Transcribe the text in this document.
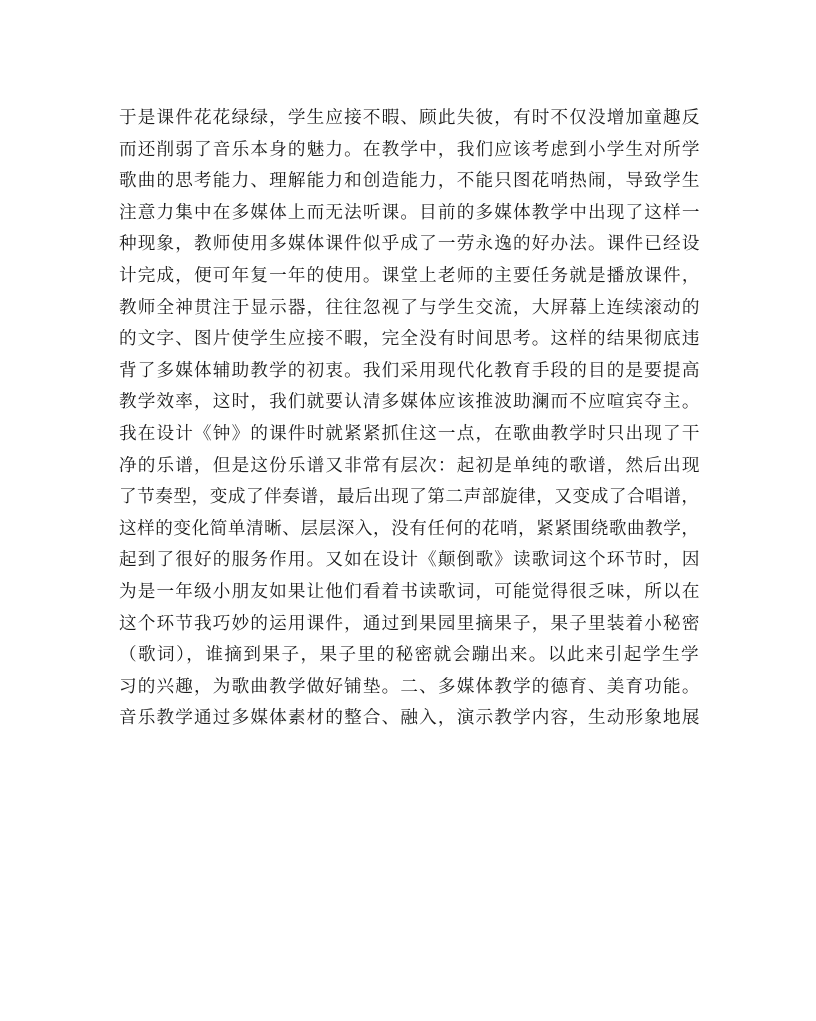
于是课件花花绿绿，学生应接不暇、顾此失彼，有时不仅没增加童趣反
而还削弱了音乐本身的魅力。在教学中，我们应该考虑到小学生对所学
歌曲的思考能力、理解能力和创造能力，不能只图花哨热闹，导致学生
注意力集中在多媒体上而无法听课。目前的多媒体教学中出现了这样一
种现象，教师使用多媒体课件似乎成了一劳永逸的好办法。课件已经设
计完成，便可年复一年的使用。课堂上老师的主要任务就是播放课件，
教师全神贯注于显示器，往往忽视了与学生交流，大屏幕上连续滚动的
的文字、图片使学生应接不暇，完全没有时间思考。这样的结果彻底违
背了多媒体辅助教学的初衷。我们采用现代化教育手段的目的是要提高
教学效率，这时，我们就要认清多媒体应该推波助澜而不应喧宾夺主。
我在设计《钟》的课件时就紧紧抓住这一点，在歌曲教学时只出现了干
净的乐谱，但是这份乐谱又非常有层次：起初是单纯的歌谱，然后出现
了节奏型，变成了伴奏谱，最后出现了第二声部旋律，又变成了合唱谱，
这样的变化简单清晰、层层深入，没有任何的花哨，紧紧围绕歌曲教学，
起到了很好的服务作用。又如在设计《颠倒歌》读歌词这个环节时，因
为是一年级小朋友如果让他们看着书读歌词，可能觉得很乏味，所以在
这个环节我巧妙的运用课件，通过到果园里摘果子，果子里装着小秘密
（歌词），谁摘到果子，果子里的秘密就会蹦出来。以此来引起学生学
习的兴趣，为歌曲教学做好铺垫。二、多媒体教学的德育、美育功能。
音乐教学通过多媒体素材的整合、融入，演示教学内容，生动形象地展
